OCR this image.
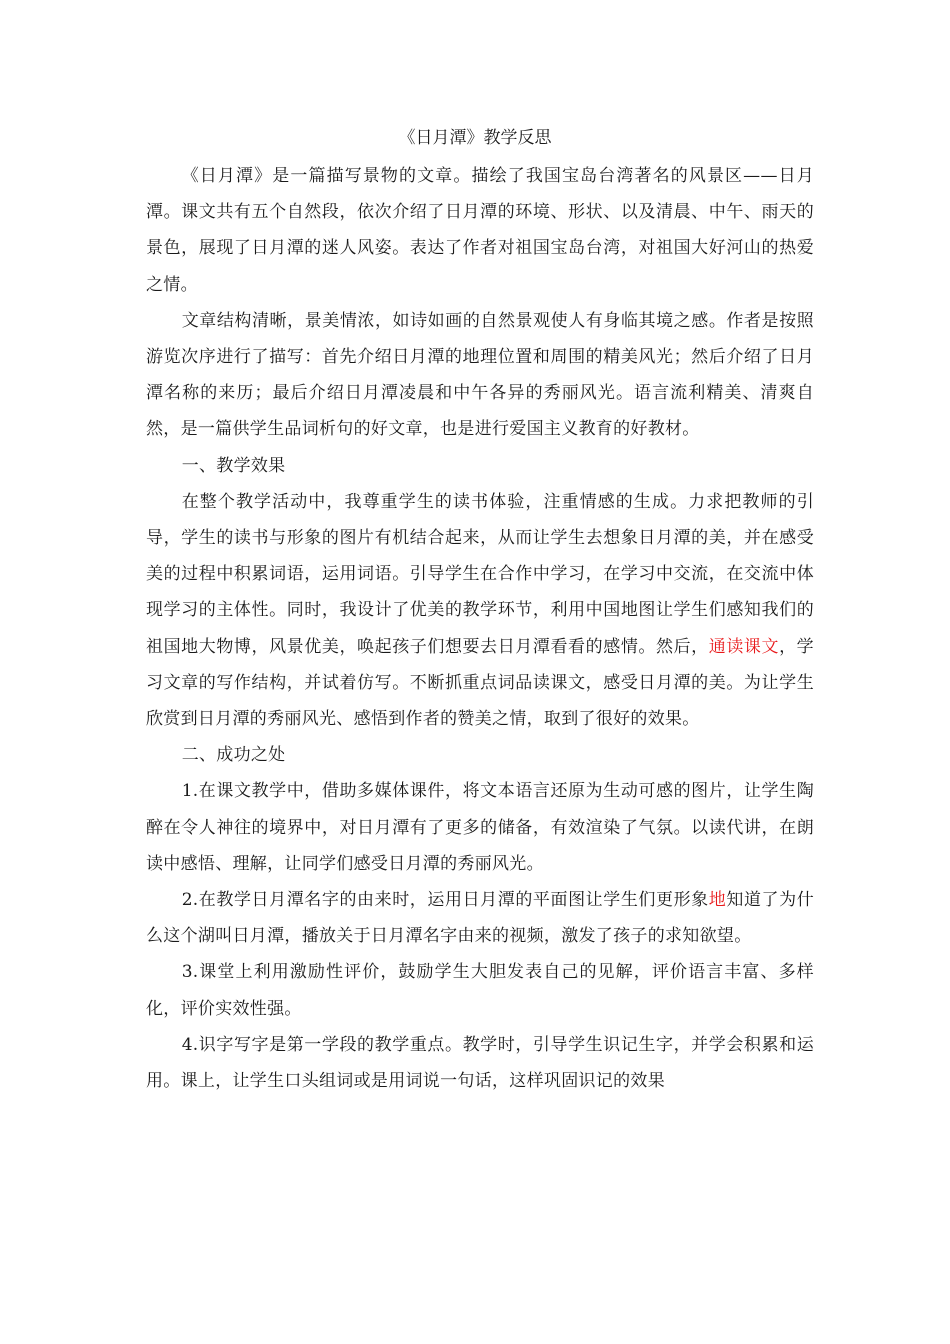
《日月潭》教学反思

《日月潭》是一篇描写景物的文章。描绘了我国宝岛台湾著名的风景区——日月潭。课文共有五个自然段，依次介绍了日月潭的环境、形状、以及清晨、中午、雨天的景色，展现了日月潭的迷人风姿。表达了作者对祖国宝岛台湾，对祖国大好河山的热爱之情。

文章结构清晰，景美情浓，如诗如画的自然景观使人有身临其境之感。作者是按照游览次序进行了描写：首先介绍日月潭的地理位置和周围的精美风光；然后介绍了日月潭名称的来历；最后介绍日月潭凌晨和中午各异的秀丽风光。语言流利精美、清爽自然，是一篇供学生品词析句的好文章，也是进行爱国主义教育的好教材。

一、教学效果

在整个教学活动中，我尊重学生的读书体验，注重情感的生成。力求把教师的引导，学生的读书与形象的图片有机结合起来，从而让学生去想象日月潭的美，并在感受美的过程中积累词语，运用词语。引导学生在合作中学习，在学习中交流，在交流中体现学习的主体性。同时，我设计了优美的教学环节，利用中国地图让学生们感知我们的祖国地大物博，风景优美，唤起孩子们想要去日月潭看看的感情。然后，通读课文，学习文章的写作结构，并试着仿写。不断抓重点词品读课文，感受日月潭的美。为让学生欣赏到日月潭的秀丽风光、感悟到作者的赞美之情，取到了很好的效果。

二、成功之处

1.在课文教学中，借助多媒体课件，将文本语言还原为生动可感的图片，让学生陶醉在令人神往的境界中，对日月潭有了更多的储备，有效渲染了气氛。以读代讲，在朗读中感悟、理解，让同学们感受日月潭的秀丽风光。

2.在教学日月潭名字的由来时，运用日月潭的平面图让学生们更形象地知道了为什么这个湖叫日月潭，播放关于日月潭名字由来的视频，激发了孩子的求知欲望。

3.课堂上利用激励性评价，鼓励学生大胆发表自己的见解，评价语言丰富、多样化，评价实效性强。

4.识字写字是第一学段的教学重点。教学时，引导学生识记生字，并学会积累和运用。课上，让学生口头组词或是用词说一句话，这样巩固识记的效果
